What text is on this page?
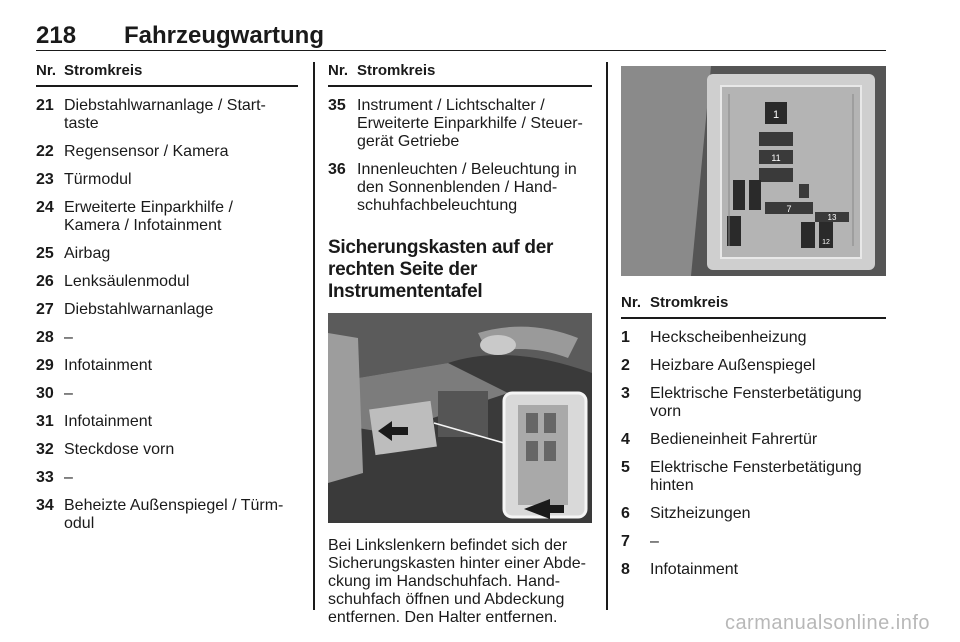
218 Fahrzeugwartung
Nr. Stromkreis
21 Diebstahlwarnanlage / Start-
taste
22 Regensensor / Kamera
23 Türmodul
24 Erweiterte Einparkhilfe /
Kamera / Infotainment
25 Airbag
26 Lenksäulenmodul
27 Diebstahlwarnanlage
28 –
29 Infotainment
30 –
31 Infotainment
32 Steckdose vorn
33 –
34 Beheizte Außenspiegel / Türm-
odul
Nr. Stromkreis
35 Instrument / Lichtschalter /
Erweiterte Einparkhilfe / Steuer-
gerät Getriebe
36 Innenleuchten / Beleuchtung in
den Sonnenblenden / Hand-
schuhfachbeleuchtung
Sicherungskasten auf der rechten Seite der Instrumententafel
Bei Linkslenkern befindet sich der Sicherungskasten hinter einer Abde-
ckung im Handschuhfach. Hand-
schuhfach öffnen und Abdeckung entfernen. Den Halter entfernen.
1
11
7
13
12
Nr. Stromkreis
1	Heckscheibenheizung
2	Heizbare Außenspiegel
3	Elektrische Fensterbetätigung
vorn
4	Bedieneinheit Fahrertür
5	Elektrische Fensterbetätigung
hinten
6	Sitzheizungen
7	–
8	Infotainment
carmanualsonline.info
